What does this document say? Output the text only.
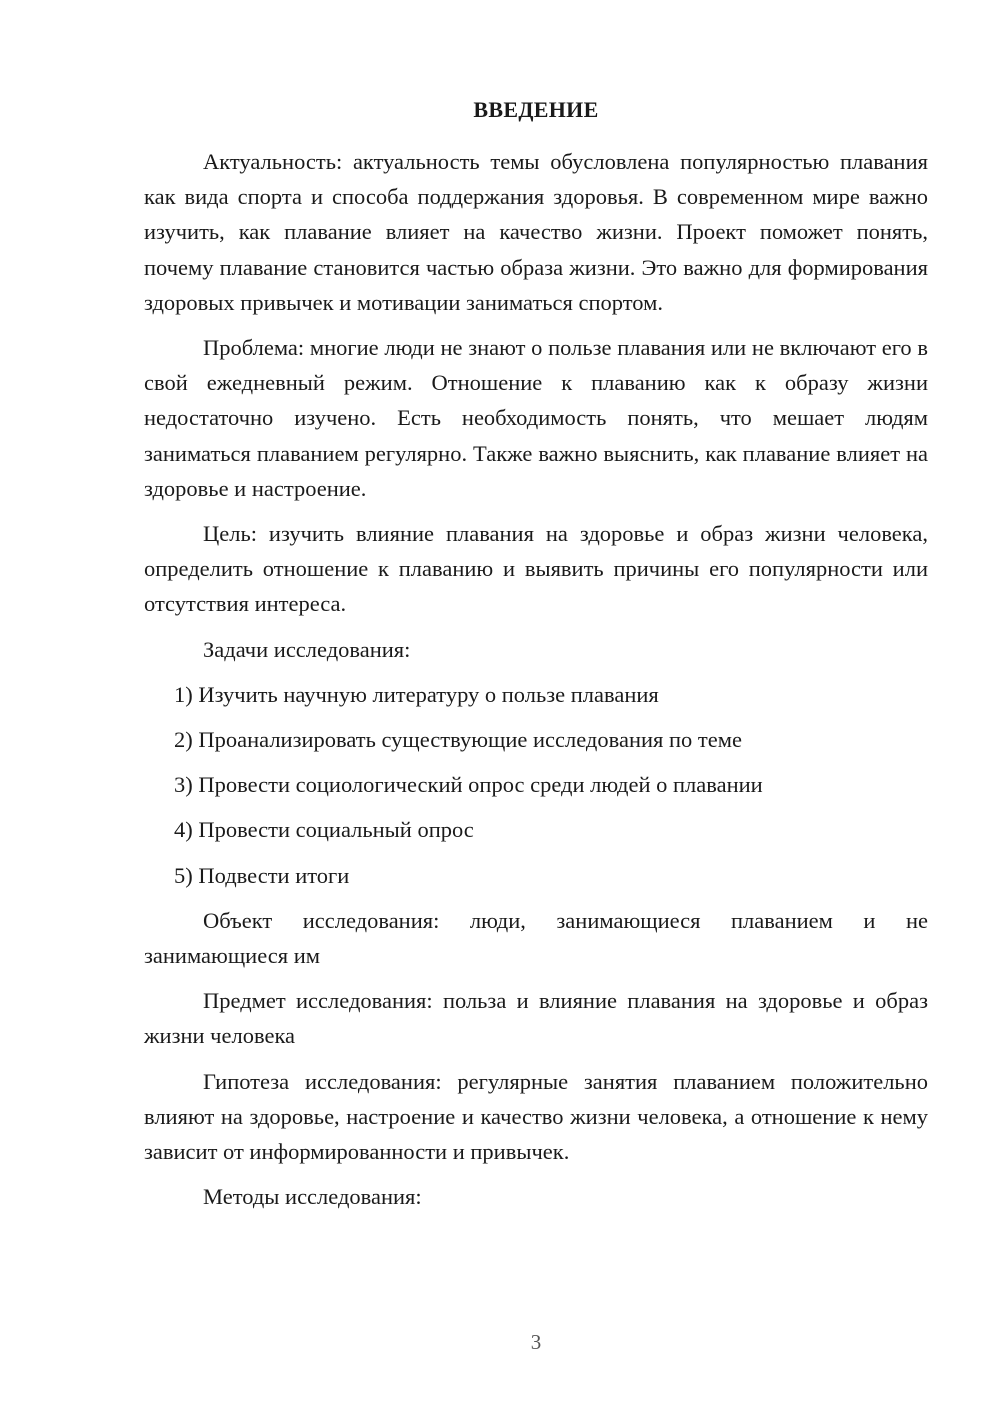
ВВЕДЕНИЕ

Актуальность: актуальность темы обусловлена популярностью плавания как вида спорта и способа поддержания здоровья. В современном мире важно изучить, как плавание влияет на качество жизни. Проект поможет понять, почему плавание становится частью образа жизни. Это важно для формирования здоровых привычек и мотивации заниматься спортом.

Проблема: многие люди не знают о пользе плавания или не включают его в свой ежедневный режим. Отношение к плаванию как к образу жизни недостаточно изучено. Есть необходимость понять, что мешает людям заниматься плаванием регулярно. Также важно выяснить, как плавание влияет на здоровье и настроение.

Цель: изучить влияние плавания на здоровье и образ жизни человека, определить отношение к плаванию и выявить причины его популярности или отсутствия интереса.

Задачи исследования:

1) Изучить научную литературу о пользе плавания
2) Проанализировать существующие исследования по теме
3) Провести социологический опрос среди людей о плавании
4) Провести социальный опрос
5) Подвести итоги

Объект исследования: люди, занимающиеся плаванием и не занимающиеся им

Предмет исследования: польза и влияние плавания на здоровье и образ жизни человека

Гипотеза исследования: регулярные занятия плаванием положительно влияют на здоровье, настроение и качество жизни человека, а отношение к нему зависит от информированности и привычек.

Методы исследования:

3
